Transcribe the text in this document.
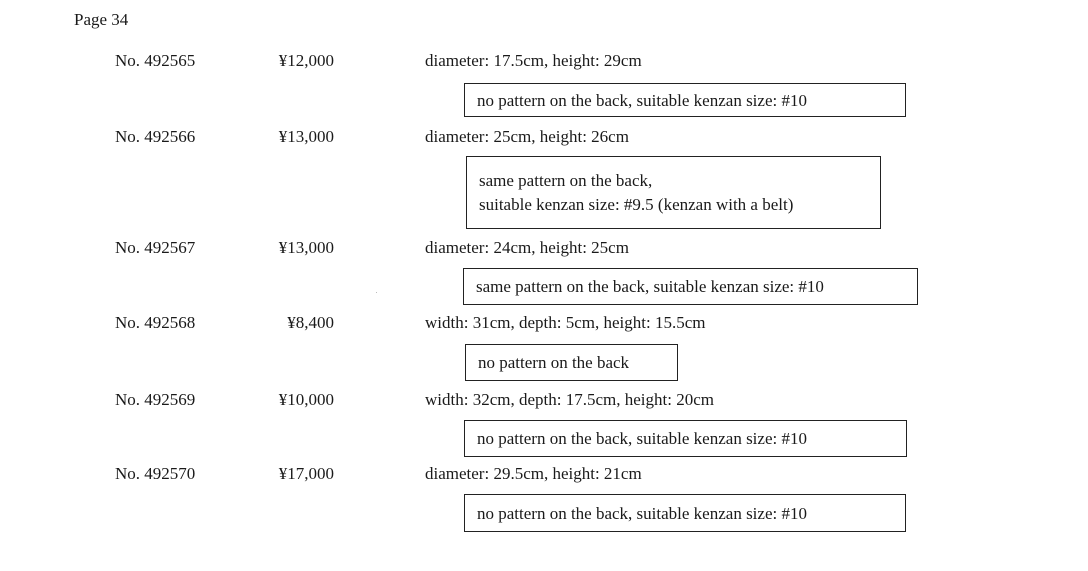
Page 34
No. 492565	¥12,000	diameter: 17.5cm, height: 29cm
no pattern on the back, suitable kenzan size: #10
No. 492566	¥13,000	diameter: 25cm, height: 26cm
same pattern on the back,
suitable kenzan size: #9.5 (kenzan with a belt)
No. 492567	¥13,000	diameter: 24cm, height: 25cm
same pattern on the back, suitable kenzan size: #10
No. 492568	¥8,400	width: 31cm, depth: 5cm, height: 15.5cm
no pattern on the back
No. 492569	¥10,000	width: 32cm, depth: 17.5cm, height: 20cm
no pattern on the back, suitable kenzan size: #10
No. 492570	¥17,000	diameter: 29.5cm, height: 21cm
no pattern on the back, suitable kenzan size: #10
